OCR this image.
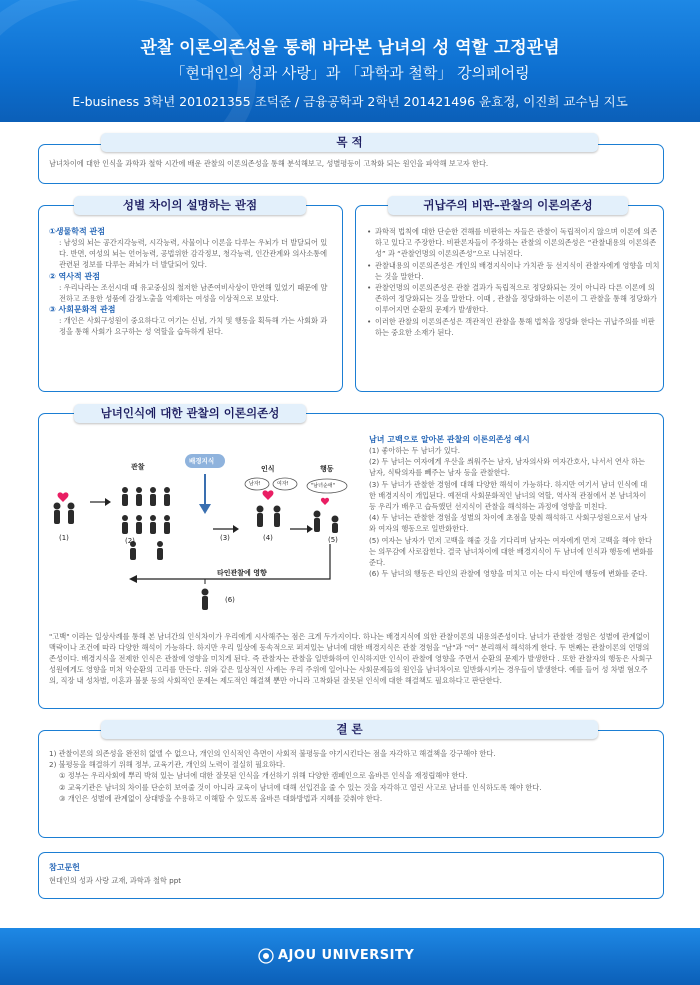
관찰 이론의존성을 통해 바라본 남녀의 성 역할 고정관념
「현대인의 성과 사랑」과 「과학과 철학」 강의페어링
E-business 3학년 201021355 조덕준 / 금융공학과 2학년 201421496 윤효정, 이진희 교수님 지도
남녀차이에 대한 인식을 과학과 철학 시간에 배운 관찰의 이론의존성을 통해 분석해보고, 성별평등이 고착화 되는 원인을 파악해 보고자 한다.
목 적
①생물학적 관점
: 남성의 뇌는 공간지각능력, 시각능력, 사물이나 이론을 다루는 우뇌가 더 발달되어 있다. 반면, 여성의 뇌는 언어능력, 공법위한 감각정보, 청각능력, 인간관계와 의사소통에 관련된 정보를 다루는 좌뇌가 더 발달되어 있다.
② 역사적 관점
: 우리나라는 조선시대 때 유교중심의 철저한 남존여비사상이 만연해 있었기 때문에 얌전하고 조용한 성품에 감정노출을 억제하는 여성을 이상적으로 보았다.
③ 사회문화적 관점
: 개인은 사회구성원이 중요하다고 여기는 신념, 가치 및 행동을 획득해 가는 사회화 과정을 통해 사회가 요구하는 성 역할을 습득하게 된다.
성별 차이의 설명하는 관점
• 과학적 법칙에 대한 단순한 견해를 비판하는 자들은 관찰이 독립적이지 않으며 이론에 의존하고 있다고 주장한다. 비판론자들이 주장하는 관찰의 이론의존성은 “관찰내용의 이론의존성” 과 “관찰언명의 이론의존성”으로 나뉘진다.
• 관찰내용의 이론의존성은 개인의 배경지식이나 가치관 등 선지식이 관찰자에게 영향을 미치는 것을 말한다.
• 관찰언명의 이론의존성은 관찰 결과가 독립적으로 정당화되는 것이 아니라 다른 이론에 의존하여 정당화되는 것을 말한다. 이때 , 관찰을 정당화하는 이론이 그 관찰을 통해 정당화가 이루어지면 순환의 문제가 발생한다.
• 이러한 관찰의 이론의존성은 객관적인 관찰을 통해 법칙을 정당화 한다는 귀납주의를 비판하는 중요한 소재가 된다.
귀납주의 비판–관찰의 이론의존성
관찰
배경지식
인식	행동
남자!	여자!	"남녀순애"
타인관찰에 영향
(1)	(2)	(3)	(4)	(5)
(6)
남녀 고백으로 알아본 관찰의 이론의존성 예시
(1) 좋아하는 두 남녀가 있다.
(2) 두 남녀는 여자에게 우산을 씌워주는 남자, 남자의사와 여자간호사, 나서서 연사 하는 남자, 식탁의자를 빼주는 남자 등을 관찰한다.
(3) 두 남녀가 관찰한 경험에 대해 다양한 해석이 가능하다. 하지만 여기서 남녀 인식에 대한 배경지식이 개입된다. 예전대 사회문화적인 남녀의 역할, 역사적 관점에서 본 남녀차이 등 우리가 배우고 습득했던 선지식이 관찰을 해석하는 과정에 영향을 미친다.
(4) 두 남녀는 관찰한 경험을 성별의 차이에 초점을 맞춰 해석하고 사회구성원으로서 남자와 여자의 행동으로 일반화한다.
(5) 여자는 남자가 먼저 고백을 해줄 것을 기다리며 남자는 여자에게 먼저 고백을 해야 한다는 의무감에 사로잡힌다. 결국 남녀차이에 대한 배경지식이 두 남녀에 인식과 행동에 변화를 준다.
(6) 두 남녀의 행동은 타인의 관찰에 영향을 미치고 이는 다시 타인에 행동에 변화를 준다.
"고백" 이라는 일상사례를 통해 본 남녀간의 인식차이가 우리에게 시사해주는 점은 크게 두가지이다. 하나는 배경지식에 의한 관찰이론의 내용의존성이다. 남녀가 관찰한 경험은 성별에 관계없이 맥락이나 조건에 따라 다양한 해석이 가능하다. 하지만 우리 일상에 동속적으로 퍼져있는 남녀에 대한 배경지식은 관찰 경험을 "남"과 "여" 분리해서 해석하게 한다. 두 번째는 관찰이론의 언명의존성이다. 배경지식을 전제한 인식은 관찰에 영향을 미치게 된다. 즉 관찰자는 관찰을 일반화하여 인식하지만 인식이 관찰에 영향을 주면서 순환의 문제가 발생한다 . 또한 관찰자의 행동은 사회구성원에게도 영향을 미쳐 악순환의 고리를 만든다. 위와 같은 일상적인 사례는 우리 주위에 일어나는 사회문제들의 원인을 남녀차이로 일반화시키는 경우들이 발생한다. 예를 들어 성 차별 혐오주의, 직장 내 성차별, 이혼과 불륜 등의 사회적인 문제는 제도적인 해결책 뿐만 아니라 고착화된 잘못된 인식에 대한 해결책도 필요하다고 판단한다.
남녀인식에 대한 관찰의 이론의존성
1) 관찰이론의 의존성을 완전히 없앨 수 없으나, 개인의 인식적인 측면이 사회적 불평등을 야기시킨다는 점을 자각하고 해결책을 강구해야 한다.
2) 불평등을 해결하기 위해 정부, 교육기관, 개인의 노력이 절실히 필요하다.
① 정부는 우리사회에 뿌리 박혀 있는 남녀에 대한 잘못된 인식을 개선하기 위해 다양한 캠페인으로 올바른 인식을 재정립해야 한다.
② 교육기관은 남녀의 차이를 단순히 보여줄 것이 아니라 교육이 남녀에 대해 선입견을 줄 수 있는 것을 자각하고 열린 사고로 남녀를 인식하도록 해야 한다.
③ 개인은 성별에 관계없이 상대방을 수용하고 이해할 수 있도록 올바른 대화방법과 지혜를 갖춰야 한다.
결 론
참고문헌
현대인의 성과 사랑 교재, 과학과 철학 ppt
AJOU UNIVERSITY
